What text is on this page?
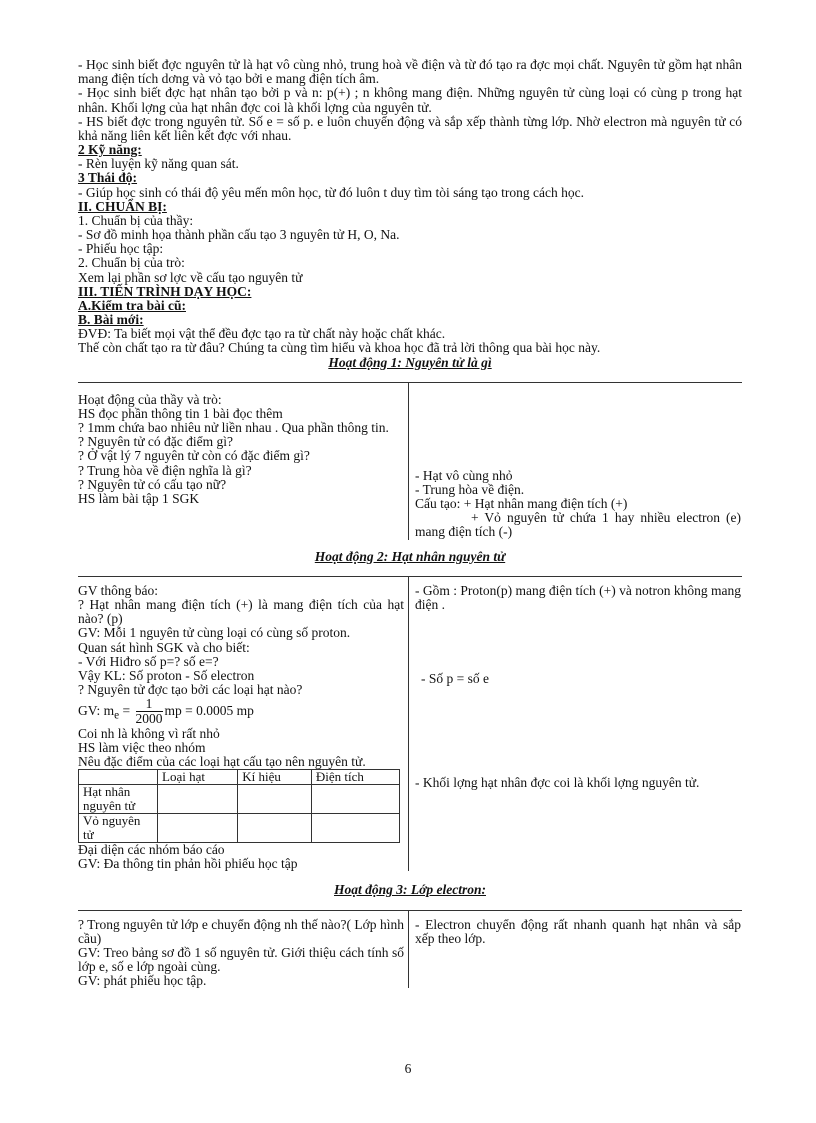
- Học sinh biết đợc nguyên tử là hạt vô cùng nhỏ, trung hoà về điện và từ đó tạo ra đợc mọi chất. Nguyên tử gồm hạt nhân mang điện tích dơng và vỏ tạo bởi e mang điện tích âm.

- Học sinh biết đợc hạt nhân tạo bởi p và n: p(+) ; n không mang điện. Những nguyên tử cùng loại có cùng p trong hạt nhân. Khối lợng của hạt nhân đợc coi là khối lợng của nguyên tử.

- HS biết đợc trong nguyên tử. Số e = số p. e luôn chuyển động và sắp xếp thành từng lớp. Nhờ electron mà nguyên tử có khả năng liên kết liên kết đợc với nhau.

2 Kỹ năng:

- Rèn luyện kỹ năng quan sát.

3 Thái độ:

- Giúp học sinh có thái độ yêu mến môn học, từ đó luôn t duy tìm tòi sáng tạo trong cách học.

II. CHUẨN BỊ:

1. Chuẩn bị của thầy:

- Sơ đồ minh họa thành phần cấu tạo 3 nguyên tử H, O, Na.

- Phiếu học tập:

2. Chuẩn bị của trò:

Xem lại phần sơ lợc về cấu tạo nguyên tử

III. TIẾN TRÌNH DẠY HỌC:

A.Kiểm tra bài cũ:

B. Bài mới:

ĐVĐ: Ta biết mọi vật thể đều đợc tạo ra từ chất này hoặc chất khác.

Thế còn chất tạo ra từ đâu? Chúng ta cùng tìm hiểu và khoa học đã trả lời thông qua bài học này.

Hoạt động 1: Nguyên tử là gì

Hoạt động của thầy và trò:

HS đọc phần thông tin 1 bài đọc thêm

? 1mm chứa bao nhiêu nử liền nhau . Qua phần thông tin.

? Nguyên tử có đặc điểm gì?

? Ở vật lý 7 nguyên tử còn có đặc điểm gì?

? Trung hòa về điện nghĩa là gì?

? Nguyên tử có cấu tạo nữ?

HS làm bài tập 1 SGK

- Hạt vô cùng nhỏ

- Trung hòa về điện.

Cấu tạo: + Hạt nhân mang điện tích (+)

+ Vỏ nguyên tử chứa 1 hay nhiều electron (e) mang điện tích (-)

Hoạt động 2: Hạt nhân nguyên tử

GV thông báo:

? Hạt nhân mang điện tích (+) là mang điện tích của hạt nào? (p)

GV: Mỗi 1 nguyên tử cùng loại có cùng số proton.

Quan sát hình SGK và cho biết:

- Với Hiđro số p=? số e=?

Vậy KL: Số proton - Số electron

? Nguyên tử đợc tạo bởi các loại hạt nào?

GV: $m_e = \frac{1}{2000}$ mp = 0.0005 mp

Coi nh là không vì rất nhỏ

HS làm việc theo nhóm

Nêu đặc điểm của các loại hạt cấu tạo nên nguyên tử.

	Loại hạt	Kí hiệu	Điện tích
Hạt nhân nguyên tử			
Vỏ nguyên tử			

Đại diện các nhóm báo cáo

GV: Đa thông tin phản hồi phiếu học tập

- Gồm : Proton(p) mang điện tích (+) và notron không mang điện .

- Số p = số e

- Khối lợng hạt nhân đợc coi là khối lợng nguyên tử.

Hoạt động 3: Lớp electron:

? Trong nguyên tử lớp e chuyển động nh thế nào?( Lớp hình cầu)

GV: Treo bảng sơ đồ 1 số nguyên tử. Giới thiệu cách tính số lớp e, số e lớp ngoài cùng.

GV: phát phiếu học tập.

- Electron chuyển động rất nhanh quanh hạt nhân và sắp xếp theo lớp.

6
